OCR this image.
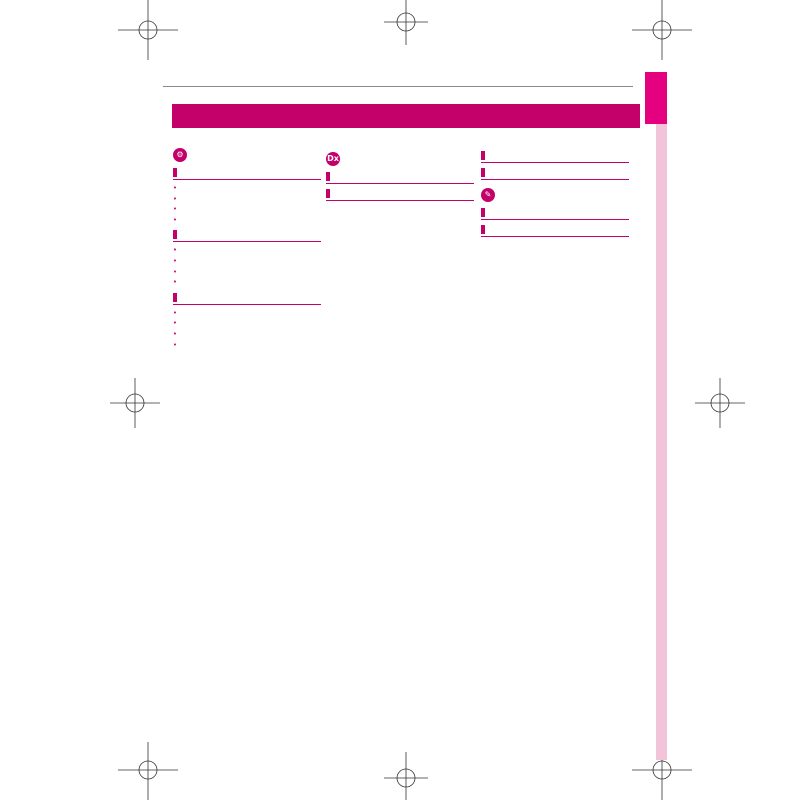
⚙

•

•

•

•

•

•

•

•

•

•

•

•	Dx
✎
